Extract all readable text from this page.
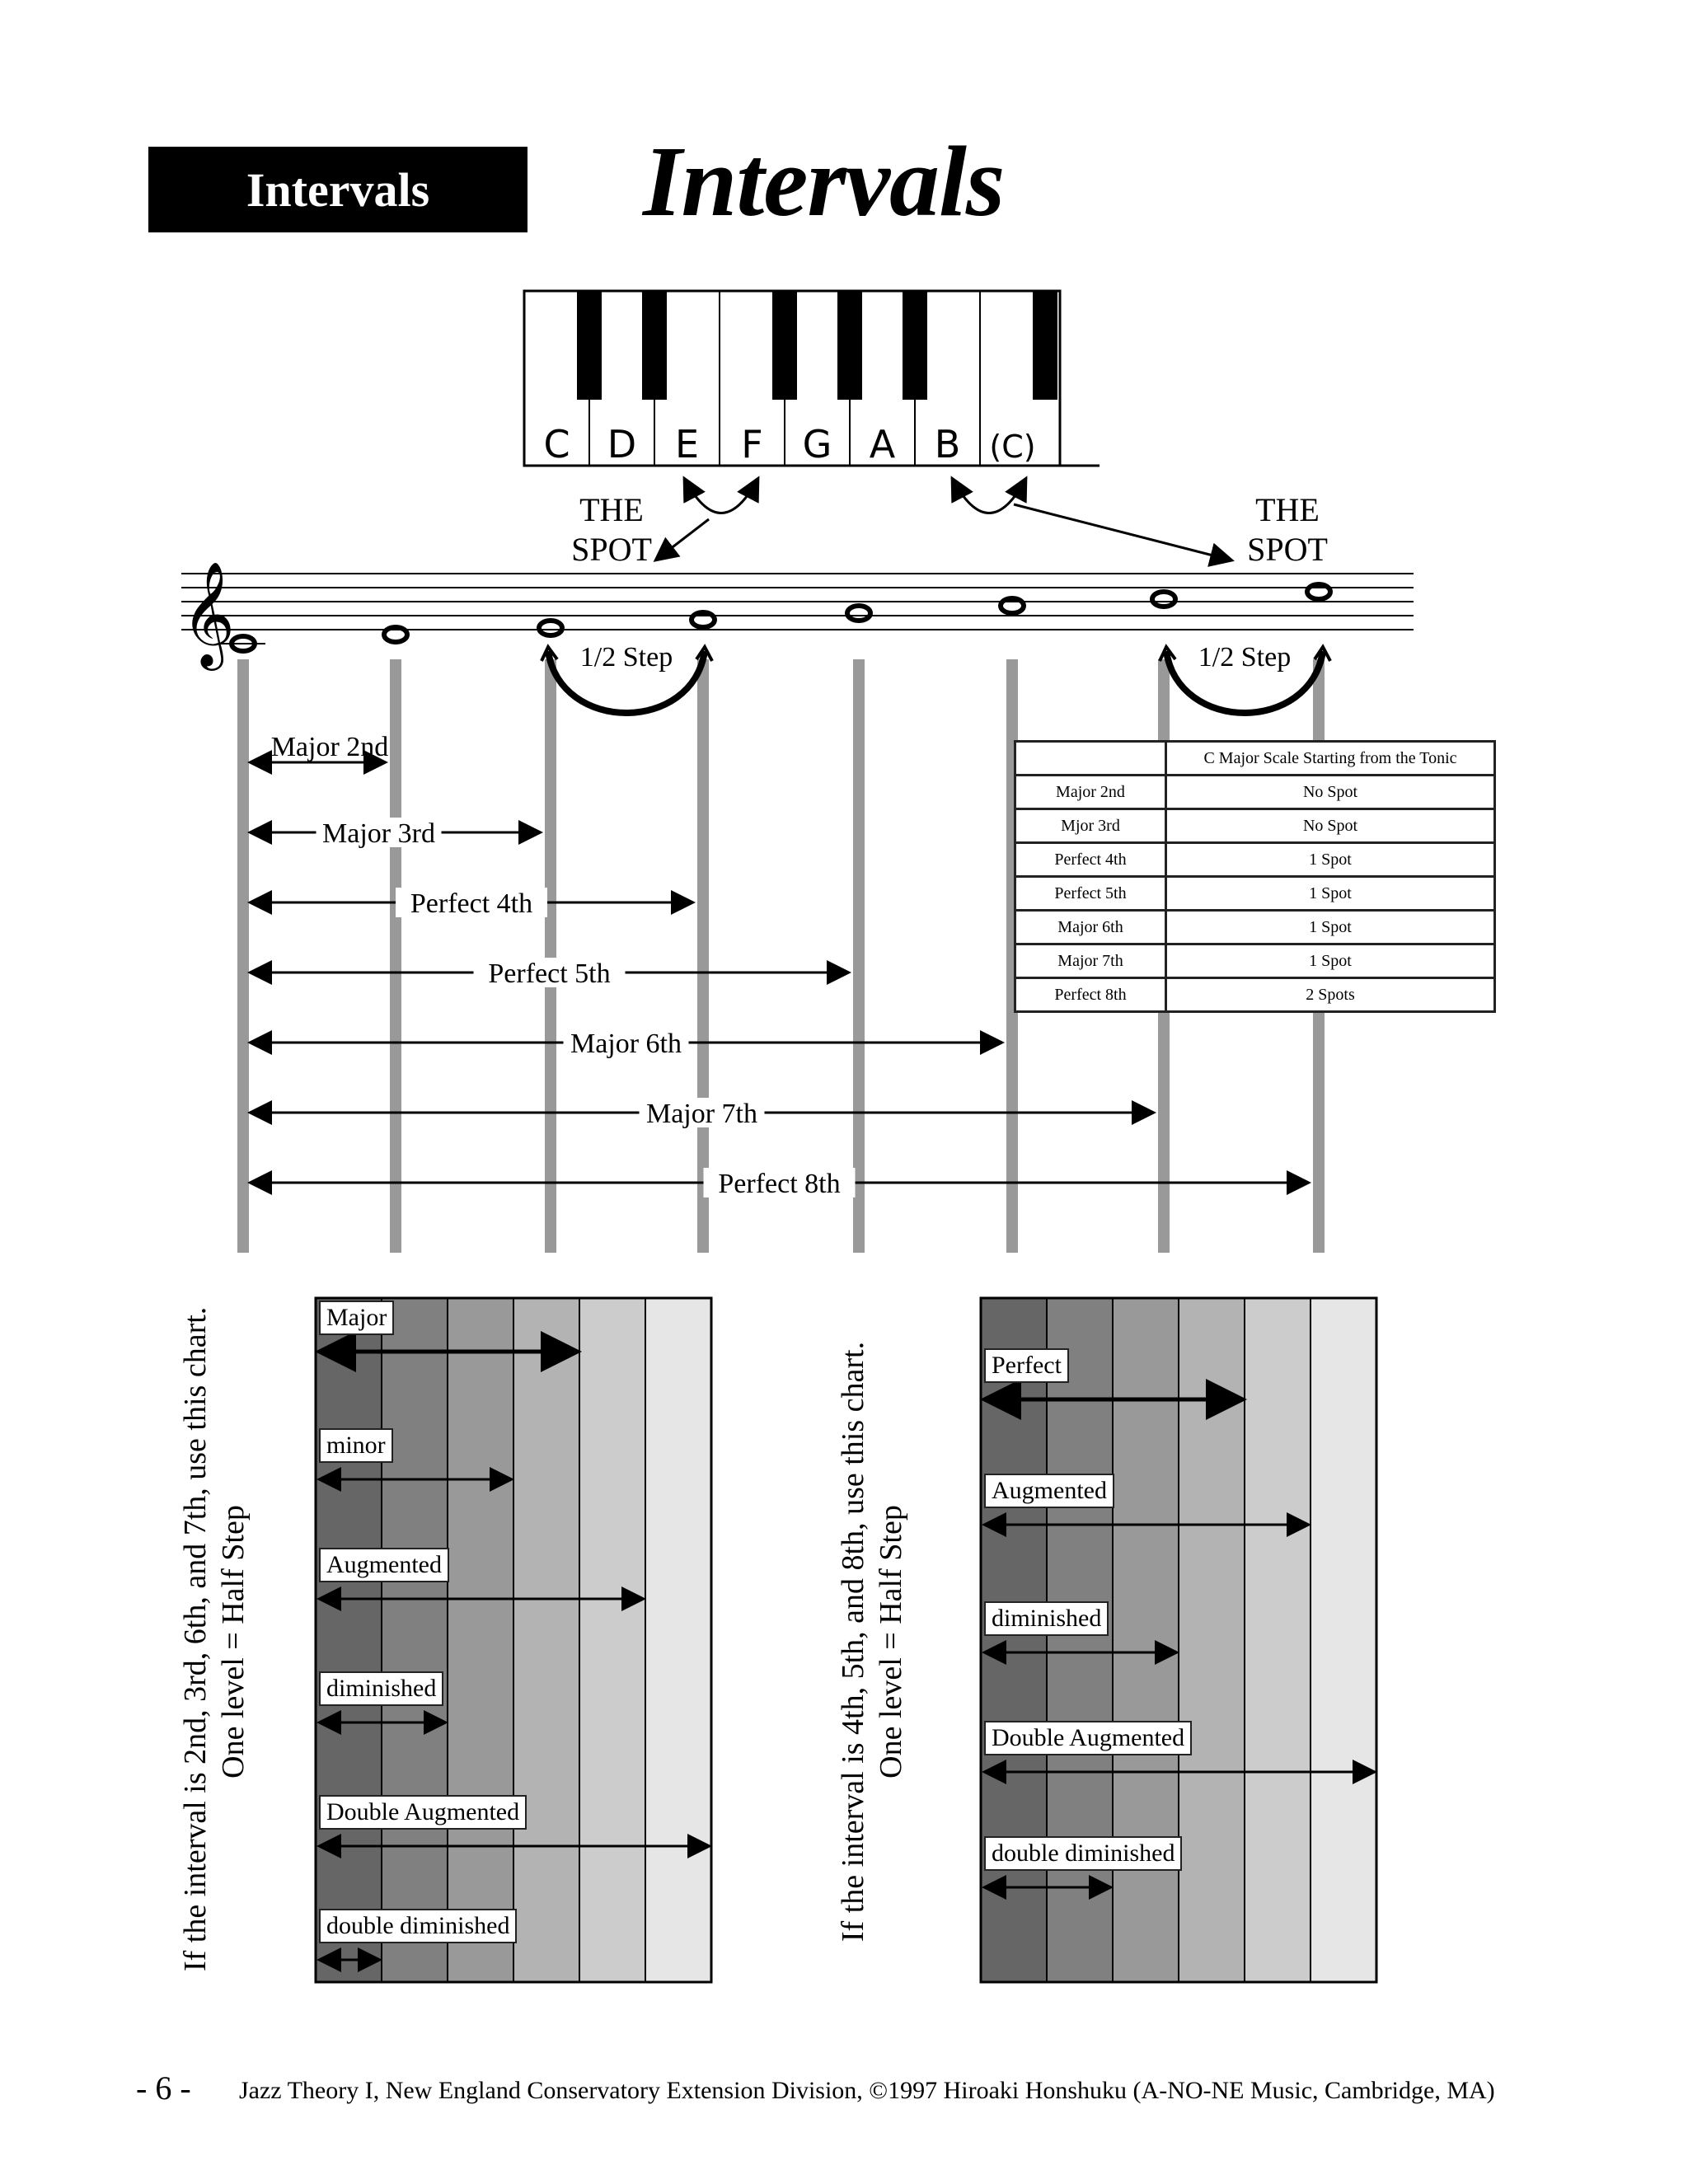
Intervals Intervals
C D E F G A B (C)
THE SPOT
THE SPOT
𝄞	1/2 Step	1/2 Step
Major 2nd
Major 3rd
Perfect 4th
Perfect 5th
Major 6th
Major 7th
Perfect 8th
	C Major Scale Starting from the Tonic
Major 2nd	No Spot
Mjor 3rd	No Spot
Perfect 4th	1 Spot
Perfect 5th	1 Spot
Major 6th	1 Spot
Major 7th	1 Spot
Perfect 8th	2 Spots
If the interval is 2nd, 3rd, 6th, and 7th, use this chart. One level = Half Step	If the interval is 4th, 5th, and 8th, use this chart. One level = Half Step
Major
minor
Augmented
diminished
Double Augmented
double diminished
Perfect
Augmented
diminished
Double Augmented
double diminished
- 6 - Jazz Theory I, New England Conservatory Extension Division, ©1997 Hiroaki Honshuku (A-NO-NE Music, Cambridge, MA)
